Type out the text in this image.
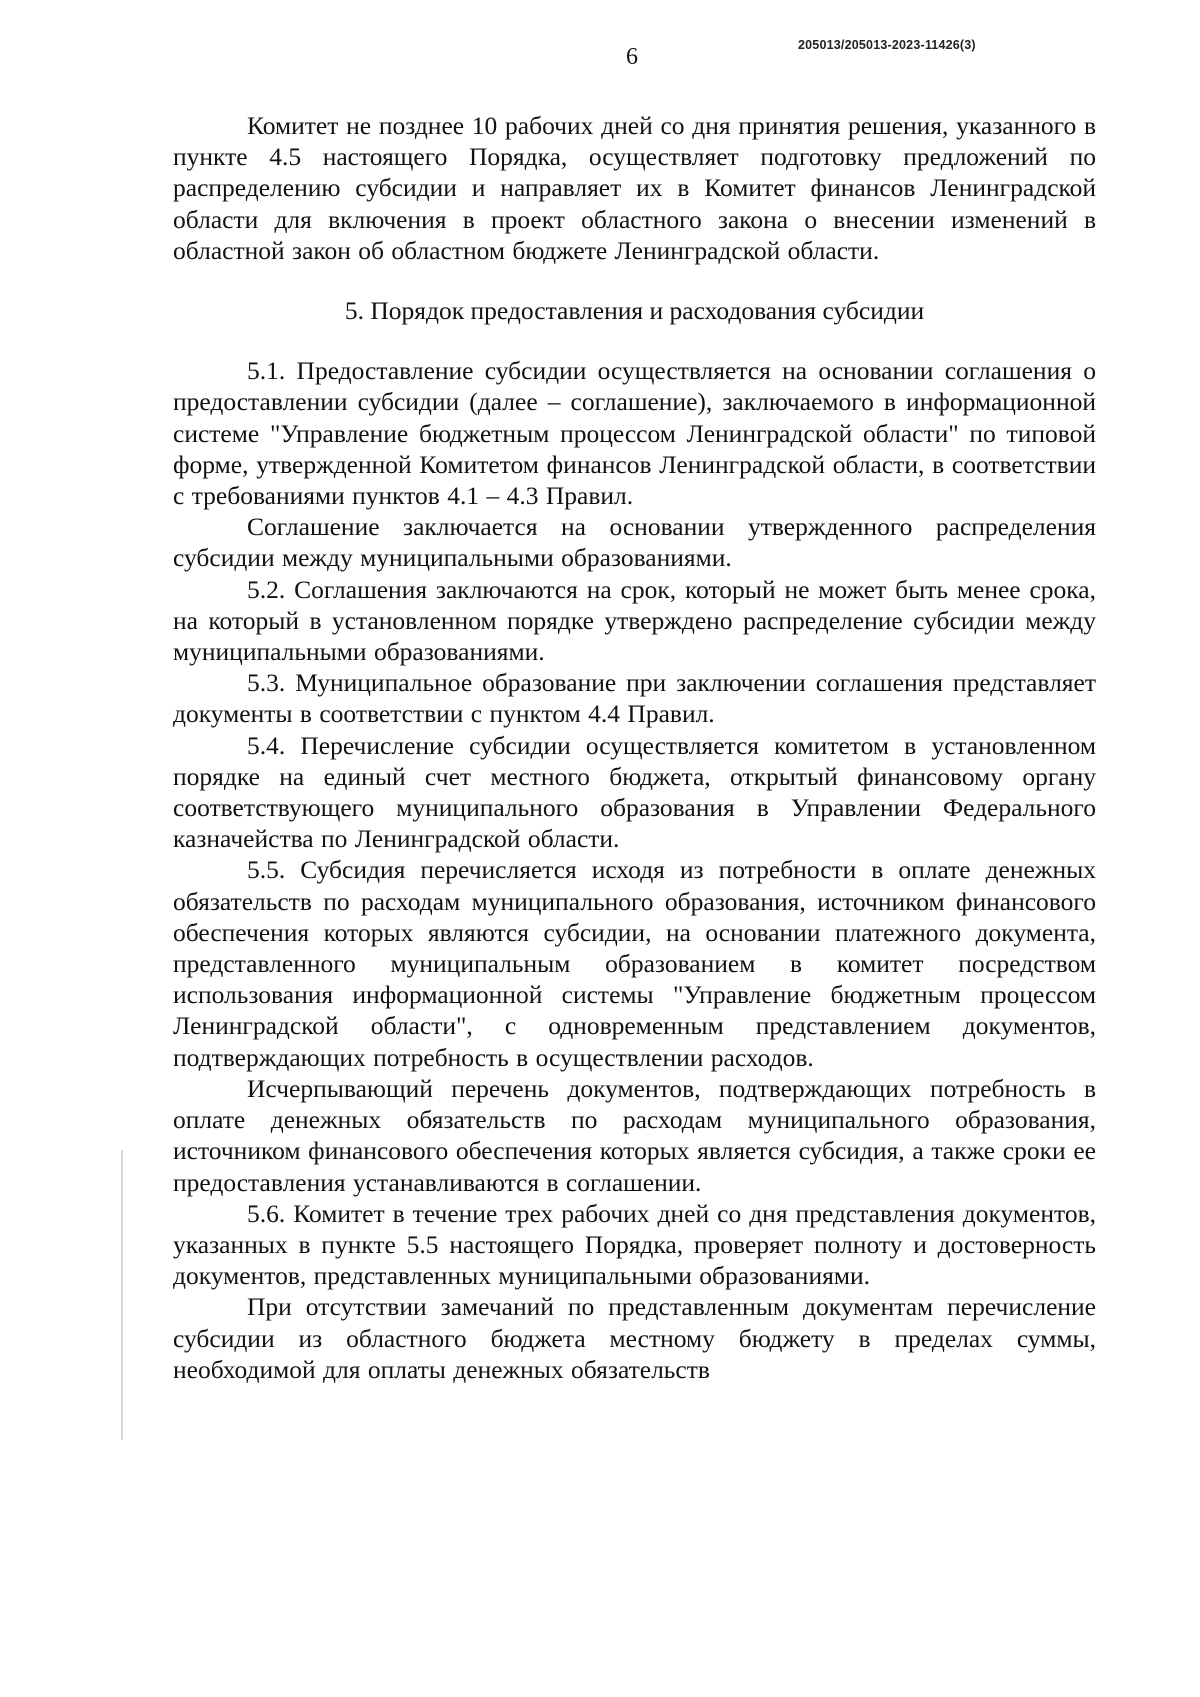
205013/205013-2023-11426(3)
6

Комитет не позднее 10 рабочих дней со дня принятия решения, указанного в пункте 4.5 настоящего Порядка, осуществляет подготовку предложений по распределению субсидии и направляет их в Комитет финансов Ленинградской области для включения в проект областного закона о внесении изменений в областной закон об областном бюджете Ленинградской области.

5. Порядок предоставления и расходования субсидии

5.1. Предоставление субсидии осуществляется на основании соглашения о предоставлении субсидии (далее – соглашение), заключаемого в информационной системе "Управление бюджетным процессом Ленинградской области" по типовой форме, утвержденной Комитетом финансов Ленинградской области, в соответствии с требованиями пунктов 4.1 – 4.3 Правил.

Соглашение заключается на основании утвержденного распределения субсидии между муниципальными образованиями.

5.2. Соглашения заключаются на срок, который не может быть менее срока, на который в установленном порядке утверждено распределение субсидии между муниципальными образованиями.

5.3. Муниципальное образование при заключении соглашения представляет документы в соответствии с пунктом 4.4 Правил.

5.4. Перечисление субсидии осуществляется комитетом в установленном порядке на единый счет местного бюджета, открытый финансовому органу соответствующего муниципального образования в Управлении Федерального казначейства по Ленинградской области.

5.5. Субсидия перечисляется исходя из потребности в оплате денежных обязательств по расходам муниципального образования, источником финансового обеспечения которых являются субсидии, на основании платежного документа, представленного муниципальным образованием в комитет посредством использования информационной системы "Управление бюджетным процессом Ленинградской области", с одновременным представлением документов, подтверждающих потребность в осуществлении расходов.

Исчерпывающий перечень документов, подтверждающих потребность в оплате денежных обязательств по расходам муниципального образования, источником финансового обеспечения которых является субсидия, а также сроки ее предоставления устанавливаются в соглашении.

5.6. Комитет в течение трех рабочих дней со дня представления документов, указанных в пункте 5.5 настоящего Порядка, проверяет полноту и достоверность документов, представленных муниципальными образованиями.

При отсутствии замечаний по представленным документам перечисление субсидии из областного бюджета местному бюджету в пределах суммы, необходимой для оплаты денежных обязательств
